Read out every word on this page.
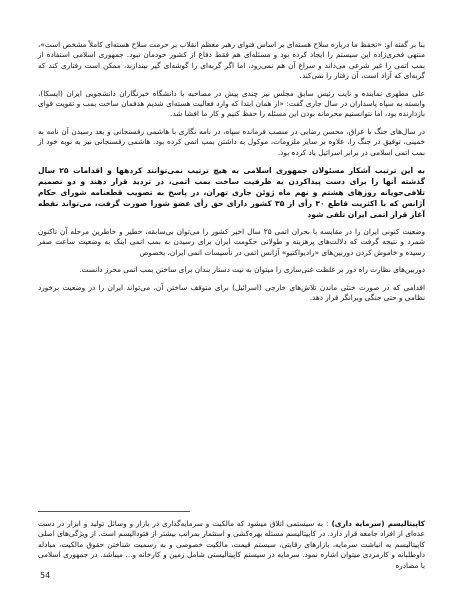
بنا بر گفته او: «تحفظ ما درباره سلاح هسته‌ای بر اساس فتوای رهبر معظم انقلاب بر حرمت سلاح هسته‌ای کاملاً مشخص است»، منتهی فخری‌زاده این سیستم را ایجاد کرده بود و مسئله‌ای هم فقط دفاع از کشور خودمان نبود. جمهوری اسلامی استفاده از بمب اتمی را غیر شرعی می‌داند و سراغ آن هم نمی‌رود، اما اگر گربه‌ای را گوشه‌ای گیر بیندازند، ممکن است رفتاری کند که گربه‌ای که آزاد است، آن رفتار را نمی‌کند.

علی مطهری نماینده و نایب رئیس سابق مجلس نیز چندی پیش در مصاحبه با دانشگاه خبرنگاران دانشجویی ایران (ایسکا)، وابسته به سپاه پاسداران در سال جاری گفت: «از همان ابتدا که وارد فعالیت هسته‌ای شدیم هدفمان ساخت بمب و تقویت قوای بازدارنده بود، اما نتوانستیم محرمانه بودن این مسئله را حفظ کنیم و کار ما افشا شد.

در سال‌های جنگ با عراق، محسن رضایی در منصب فرمانده سپاه، در نامه نگاری با هاشمی رفسنجانی و بعد رسیدن آن نامه به خمینی، توفیق در جنگ را، علاوه بر سایر ملزومات، موکول به داشتن بمب اتمی کرده بود. هاشمی رفسنجانی نیز به نوبه خود از بمب اتمی اسلامی در برابر اسرائیل یاد کرده بود.

به این ترتیب آشکار مسئولان جمهوری اسلامی به هیچ ترتیب نمی‌توانند کردهها و اقدامات ۲۵ سال گذشته آنها را برای دست پیداکردن به ظرفیت ساخت بمب اتمی، در تردید قرار دهند و دو تصمیم تلافی‌جویانه روزهای هشتم و نهم ماه ژوئن جاری تهران، در پاسخ به تصویب قطعنامه شورای حکام آژانس که با اکثریت قاطع ۳۰ رأی از ۳۵ کشور دارای حق رأی عضو شورا صورت گرفت، می‌تواند نقطه آغاز قرار اتمی ایران تلقی شود

وضعیت کنونی ایران را در مقایسه با بحران اتمی ۲۵ سال اخیر کشور را می‌توان بی‌سابقه، خطیر و خاطرین مرحله آن تاکنون شمرد و نتیجه گرفت که دلالت‌های پرهزینه و طولانی حکومت ایران برای رسیدن به بمب اتمی اینک به وضعیت ساعت صفر رسیده و خاموش کردن دوربین‌های «رادیواکتیو» آژانس اتمی در تأسیسات اتمی ایران، بخصوص

دوربین‌های نظارت راه دور بر غلظت غنی‌سازی را میتوان به نیت دستار بندان برای ساختن بمب اتمی محرز دانست.

اقدامی که در صورت خنثی ماندن تلاش‌های خارجی (اسرائیل) برای متوقف ساختن آن، می‌تواند ایران را در وضعیت برخورد نظامی و حتی جنگی ویرانگر قرار دهد.

کاپیتالیسم (سرمایه داری) : به سیستمی اتلاق میشود که مالکیت و سرمایه‌گذاری در بازار و وسائل تولید و ابزار در دست عده‌ای از افراد جامعه قرار دارد. در کاپیتالیسم مسئله بهره‌کشی و استثمار بمراتب بیشتر از فئودالیسم است. از ویژگی‌های اصلی کاپیتالیسم به انباشت سرمایه، بازارهای رقابتی، سیستم قیمت، مالکیت خصوصی و به رسمیت شناختن حقوق مالکیت، مبادله داوطلبانه و کارمزدی میتوان اشاره نمود. سرمایه در سیستم کاپیتالیستی شامل زمین و کارخانه و... میباشد. در جمهوری اسلامی با مصادره
54
